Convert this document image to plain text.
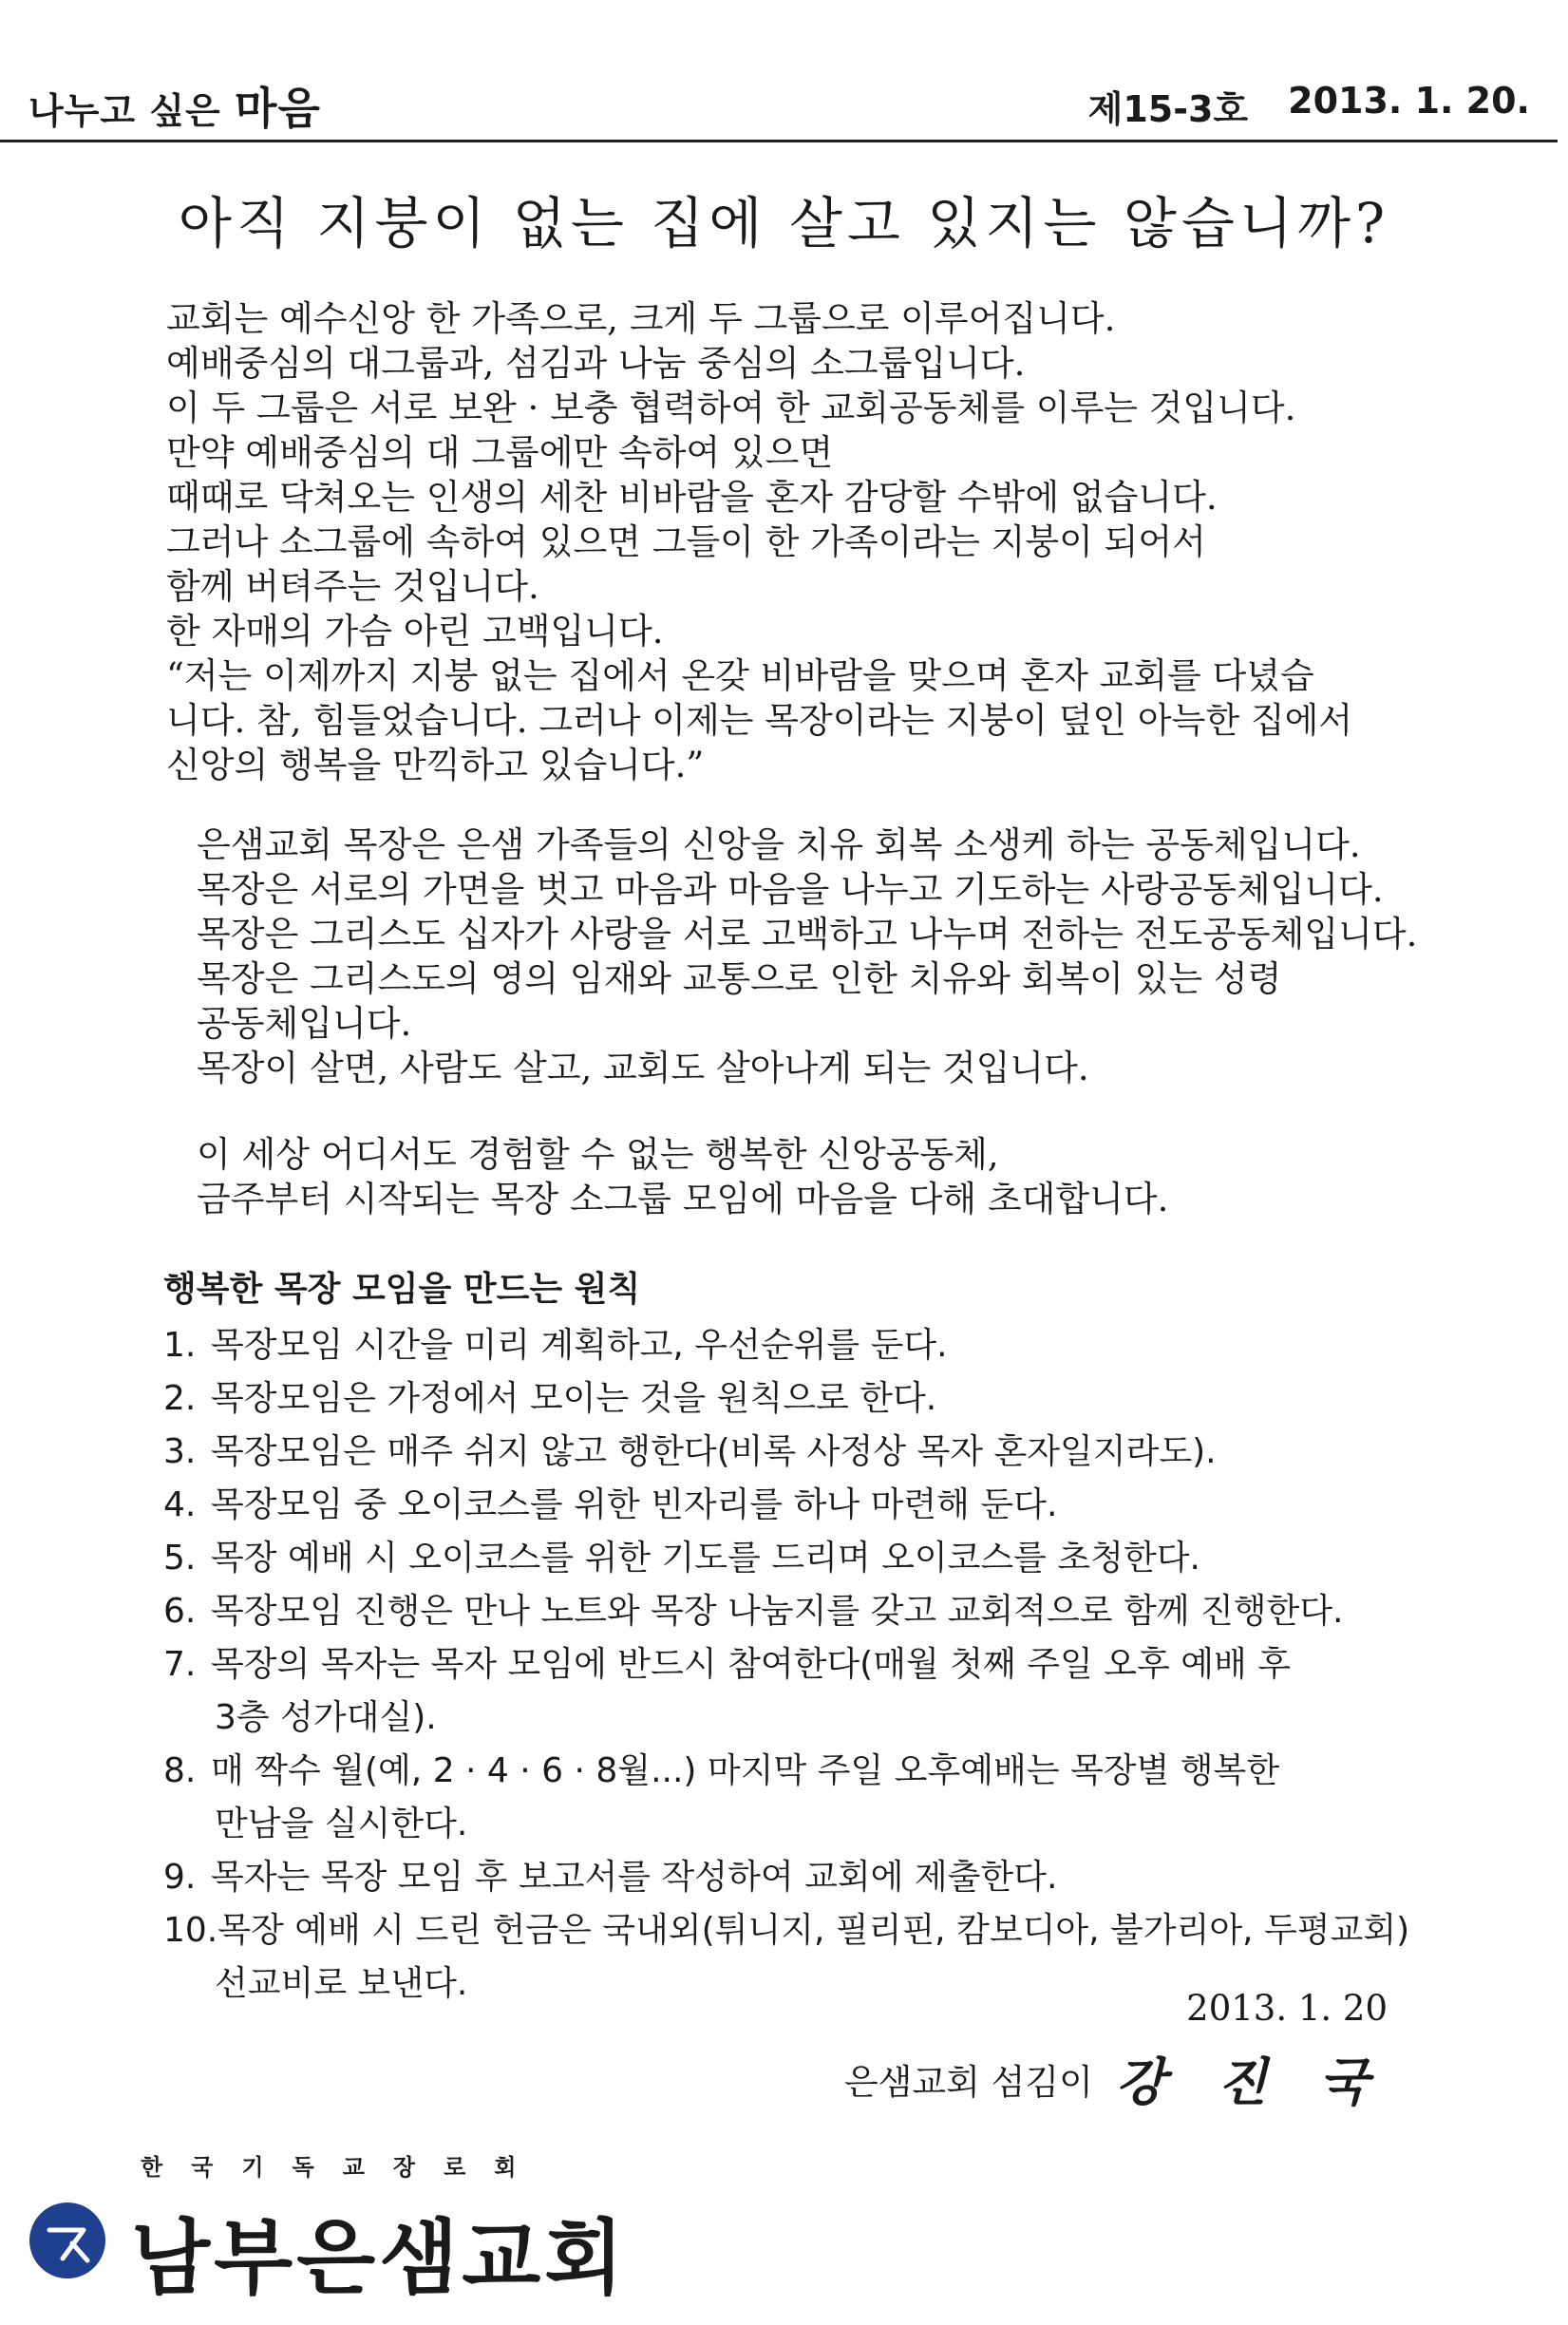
나누고 싶은 마음	제15-3호 2013. 1. 20.
아직 지붕이 없는 집에 살고 있지는 않습니까?
교회는 예수신앙 한 가족으로, 크게 두 그룹으로 이루어집니다.
예배중심의 대그룹과, 섬김과 나눔 중심의 소그룹입니다.
이 두 그룹은 서로 보완 · 보충 협력하여 한 교회공동체를 이루는 것입니다.
만약 예배중심의 대 그룹에만 속하여 있으면
때때로 닥쳐오는 인생의 세찬 비바람을 혼자 감당할 수밖에 없습니다.
그러나 소그룹에 속하여 있으면 그들이 한 가족이라는 지붕이 되어서
함께 버텨주는 것입니다.
한 자매의 가슴 아린 고백입니다.
“저는 이제까지 지붕 없는 집에서 온갖 비바람을 맞으며 혼자 교회를 다녔습
니다. 참, 힘들었습니다. 그러나 이제는 목장이라는 지붕이 덮인 아늑한 집에서
신앙의 행복을 만끽하고 있습니다.”
은샘교회 목장은 은샘 가족들의 신앙을 치유 회복 소생케 하는 공동체입니다.
목장은 서로의 가면을 벗고 마음과 마음을 나누고 기도하는 사랑공동체입니다.
목장은 그리스도 십자가 사랑을 서로 고백하고 나누며 전하는 전도공동체입니다.
목장은 그리스도의 영의 임재와 교통으로 인한 치유와 회복이 있는 성령
공동체입니다.
목장이 살면, 사람도 살고, 교회도 살아나게 되는 것입니다.
이 세상 어디서도 경험할 수 없는 행복한 신앙공동체,
금주부터 시작되는 목장 소그룹 모임에 마음을 다해 초대합니다.
행복한 목장 모임을 만드는 원칙
1. 목장모임 시간을 미리 계획하고, 우선순위를 둔다.
2. 목장모임은 가정에서 모이는 것을 원칙으로 한다.
3. 목장모임은 매주 쉬지 않고 행한다(비록 사정상 목자 혼자일지라도).
4. 목장모임 중 오이코스를 위한 빈자리를 하나 마련해 둔다.
5. 목장 예배 시 오이코스를 위한 기도를 드리며 오이코스를 초청한다.
6. 목장모임 진행은 만나 노트와 목장 나눔지를 갖고 교회적으로 함께 진행한다.
7. 목장의 목자는 목자 모임에 반드시 참여한다(매월 첫째 주일 오후 예배 후
3층 성가대실).
8. 매 짝수 월(예, 2 · 4 · 6 · 8월...) 마지막 주일 오후예배는 목장별 행복한
만남을 실시한다.
9. 목자는 목장 모임 후 보고서를 작성하여 교회에 제출한다.
10.목장 예배 시 드린 헌금은 국내외(튀니지, 필리핀, 캄보디아, 불가리아, 두평교회)
선교비로 보낸다.
2013. 1. 20
은샘교회 섬김이 강 진 국
한국기독교장로회
남부은샘교회
